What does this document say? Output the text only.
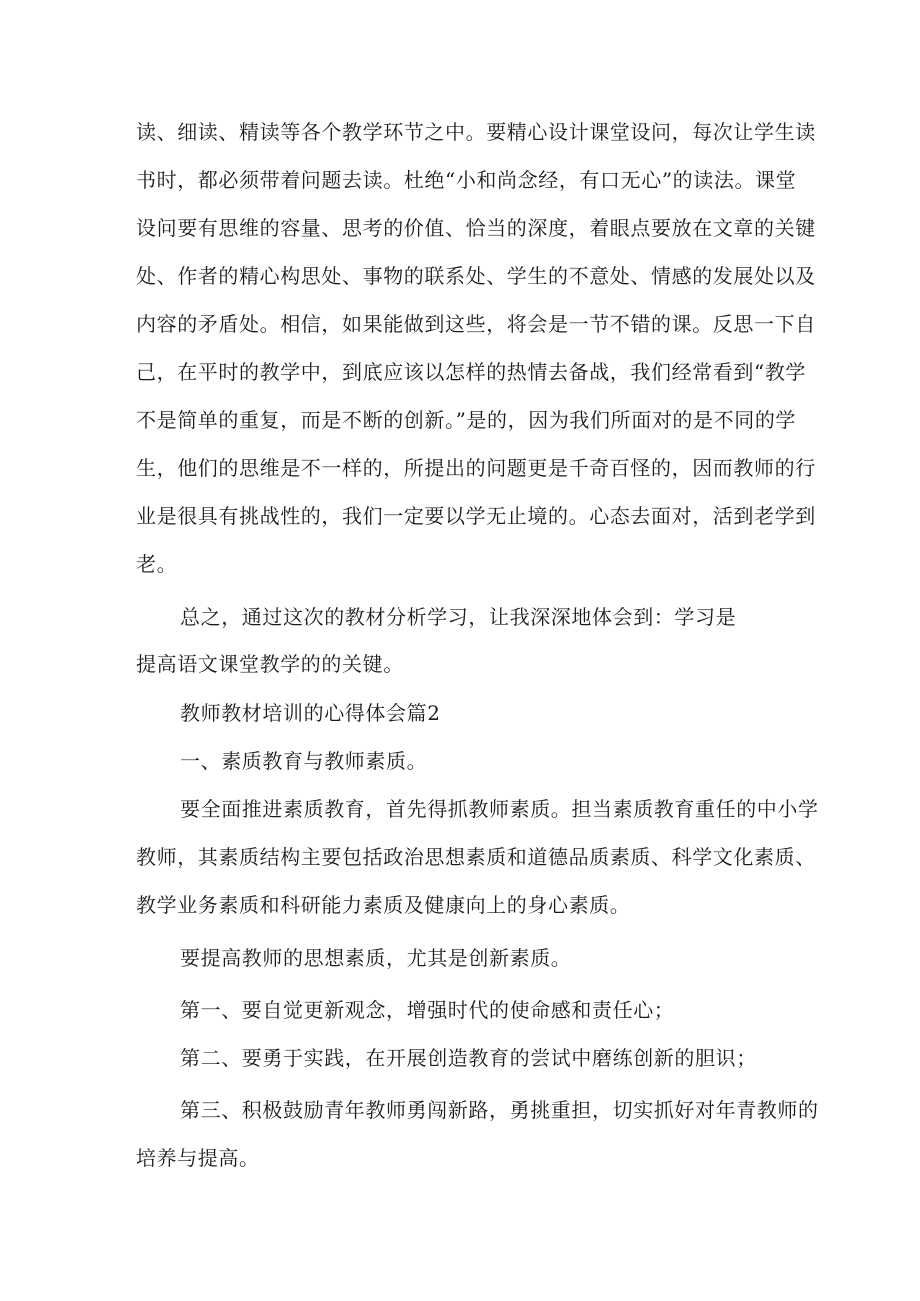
读、细读、精读等各个教学环节之中。要精心设计课堂设问，每次让学生读
书时，都必须带着问题去读。杜绝“小和尚念经，有口无心”的读法。课堂
设问要有思维的容量、思考的价值、恰当的深度，着眼点要放在文章的关键
处、作者的精心构思处、事物的联系处、学生的不意处、情感的发展处以及
内容的矛盾处。相信，如果能做到这些，将会是一节不错的课。反思一下自
己，在平时的教学中，到底应该以怎样的热情去备战，我们经常看到“教学
不是简单的重复，而是不断的创新。”是的，因为我们所面对的是不同的学
生，他们的思维是不一样的，所提出的问题更是千奇百怪的，因而教师的行
业是很具有挑战性的，我们一定要以学无止境的。心态去面对，活到老学到
老。
总之，通过这次的教材分析学习，让我深深地体会到：学习是
提高语文课堂教学的的关键。
教师教材培训的心得体会篇2
一、素质教育与教师素质。
要全面推进素质教育，首先得抓教师素质。担当素质教育重任的中小学
教师，其素质结构主要包括政治思想素质和道德品质素质、科学文化素质、
教学业务素质和科研能力素质及健康向上的身心素质。
要提高教师的思想素质，尤其是创新素质。
第一、要自觉更新观念，增强时代的使命感和责任心；
第二、要勇于实践，在开展创造教育的尝试中磨练创新的胆识；
第三、积极鼓励青年教师勇闯新路，勇挑重担，切实抓好对年青教师的
培养与提高。
